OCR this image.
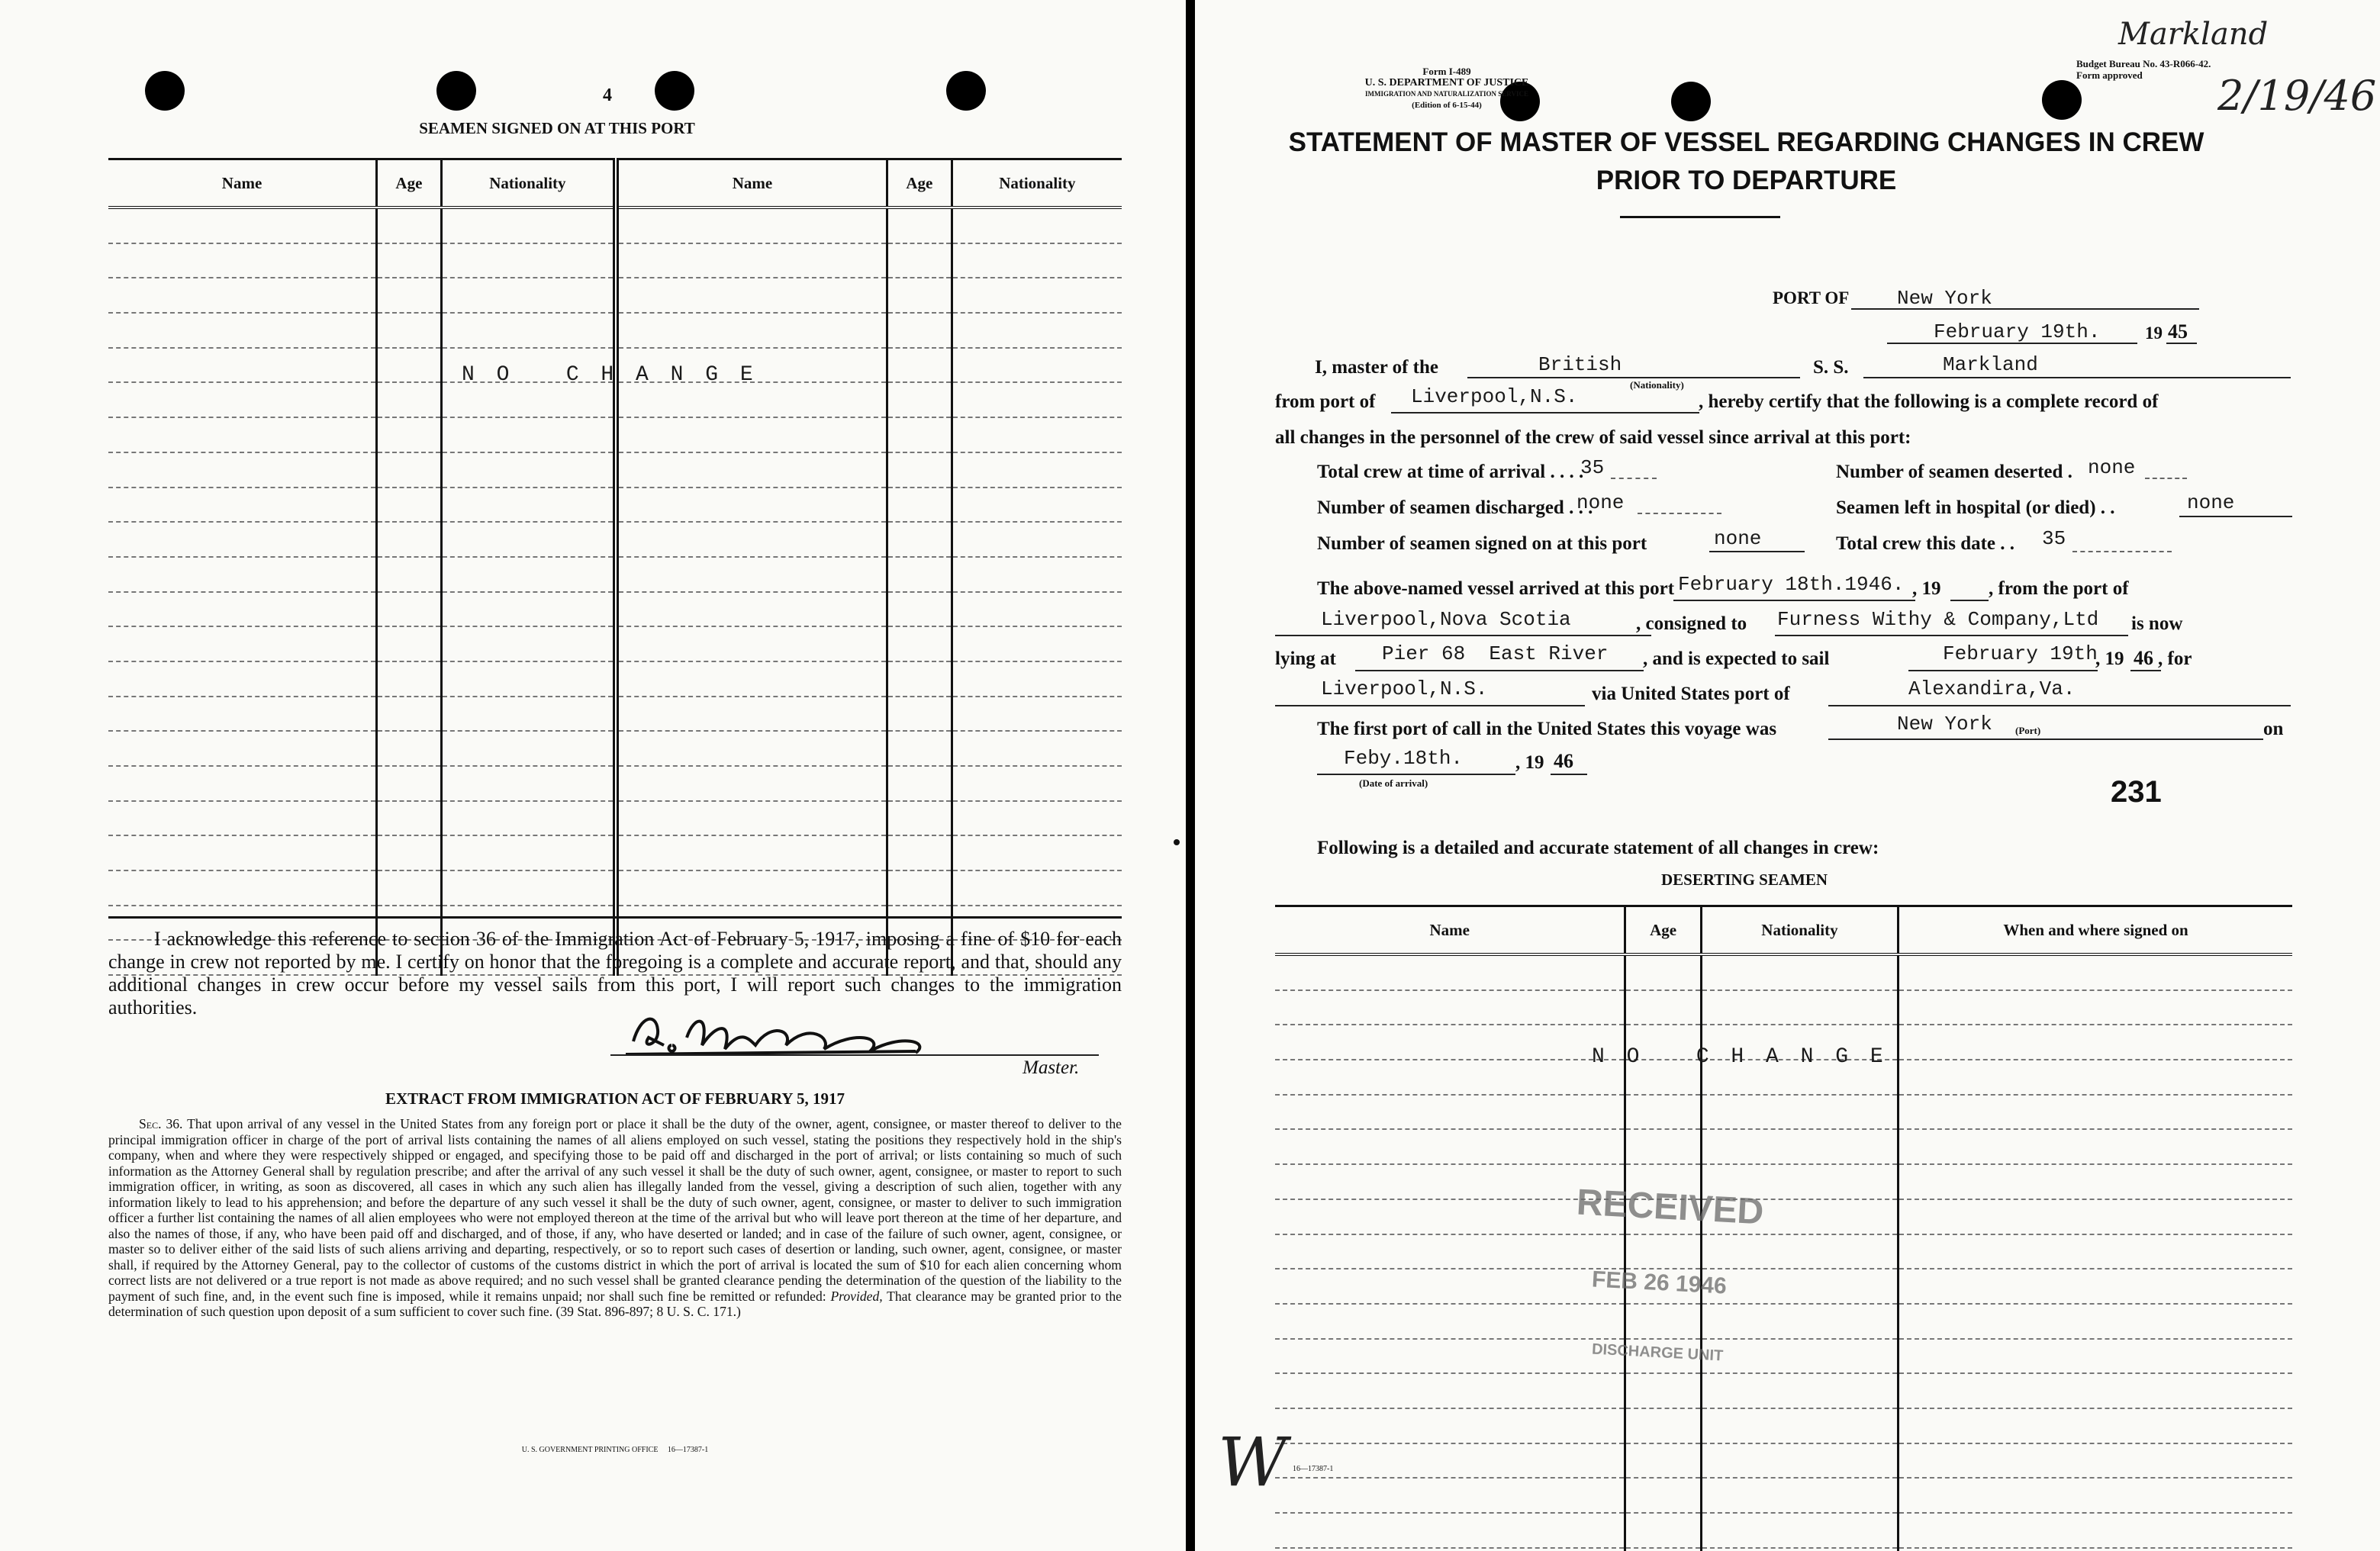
4
SEAMEN SIGNED ON AT THIS PORT
Name	Age	Nationality	Name	Age	Nationality

N O   C H A N G E

I acknowledge this reference to section 36 of the Immigration Act of February 5, 1917, imposing a fine of $10 for each change in crew not reported by me. I certify on honor that the foregoing is a complete and accurate report, and that, should any additional changes in crew occur before my vessel sails from this port, I will report such changes to the immigration authorities.

Master.
EXTRACT FROM IMMIGRATION ACT OF FEBRUARY 5, 1917

Sec. 36. That upon arrival of any vessel in the United States from any foreign port or place it shall be the duty of the owner, agent, consignee, or master thereof to deliver to the principal immigration officer in charge of the port of arrival lists containing the names of all aliens employed on such vessel, stating the positions they respectively hold in the ship's company, when and where they were respectively shipped or engaged, and specifying those to be paid off and discharged in the port of arrival; or lists containing so much of such information as the Attorney General shall by regulation prescribe; and after the arrival of any such vessel it shall be the duty of such owner, agent, consignee, or master to report to such immigration officer, in writing, as soon as discovered, all cases in which any such alien has illegally landed from the vessel, giving a description of such alien, together with any information likely to lead to his apprehension; and before the departure of any such vessel it shall be the duty of such owner, agent, consignee, or master to deliver to such immigration officer a further list containing the names of all alien employees who were not employed thereon at the time of the arrival but who will leave port thereon at the time of her departure, and also the names of those, if any, who have been paid off and discharged, and of those, if any, who have deserted or landed; and in case of the failure of such owner, agent, consignee, or master so to deliver either of the said lists of such aliens arriving and departing, respectively, or so to report such cases of desertion or landing, such owner, agent, consignee, or master shall, if required by the Attorney General, pay to the collector of customs of the customs district in which the port of arrival is located the sum of $10 for each alien concerning whom correct lists are not delivered or a true report is not made as above required; and no such vessel shall be granted clearance pending the determination of the question of the liability to the payment of such fine, and, in the event such fine is imposed, while it remains unpaid; nor shall such fine be remitted or refunded: Provided, That clearance may be granted prior to the determination of such question upon deposit of a sum sufficient to cover such fine. (39 Stat. 896-897; 8 U. S. C. 171.)

U. S. GOVERNMENT PRINTING OFFICE     16—17387-1
Form I-489
U. S. DEPARTMENT OF JUSTICE
IMMIGRATION AND NATURALIZATION SERVICE
(Edition of 6-15-44)
Budget Bureau No. 43-R066-42.
Form approved
Markland
2/19/46
STATEMENT OF MASTER OF VESSEL REGARDING CHANGES IN CREW
PRIOR TO DEPARTURE
PORT OF New York
February 19th.	19 45
I, master of the	British
(Nationality)
S. S.	Markland
from port of Liverpool,N.S.	, hereby certify that the following is a complete record of
all changes in the personnel of the crew of said vessel since arrival at this port:
Total crew at time of arrival . . . .
35	Number of seamen deserted . none
Number of seamen discharged . . .
none	Seamen left in hospital (or died) . .	none
Number of seamen signed on at this port	none	Total crew this date . . 35
The above-named vessel arrived at this port February 18th.1946. , 19	, from the port of
Liverpool,Nova Scotia	, consigned to Furness Withy & Company,Ltd is now
lying at Pier 68  East River , and is expected to sail	February 19th
, 19 46 , for
Liverpool,N.S.	via United States port of	Alexandira,Va.
The first port of call in the United States this voyage was	New York (Port)	on
Feby.18th.	, 19 46
(Date of arrival)	231
Following is a detailed and accurate statement of all changes in crew:
DESERTING SEAMEN
Name	Age	Nationality	When and where signed on

N O   C H A N G E
RECEIVED
FEB 26 1946
DISCHARGE UNIT
W 16—17387-1
